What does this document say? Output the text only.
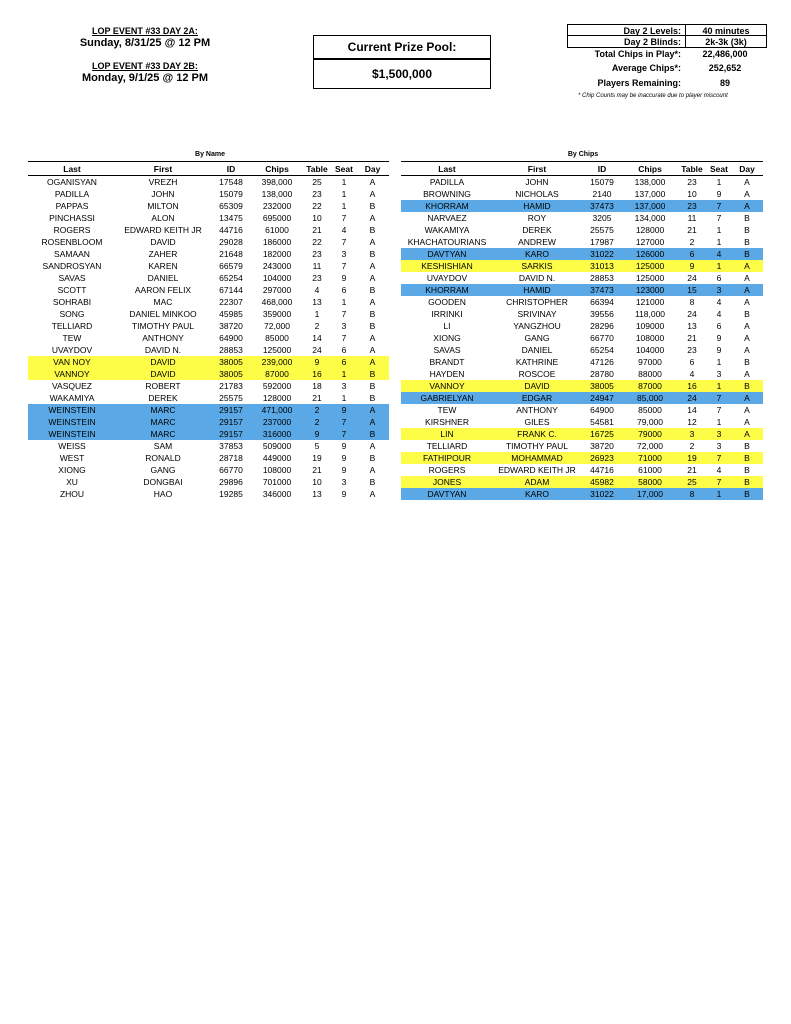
LOP EVENT #33 DAY 2A:
Sunday, 8/31/25 @ 12 PM
LOP EVENT #33 DAY 2B:
Monday, 9/1/25 @ 12 PM
Current Prize Pool:
$1,500,000
Day 2 Levels:	40 minutes
Day 2 Blinds:	2k-3k (3k)
Total Chips in Play*:	22,486,000
Average Chips*:	252,652
Players Remaining:	89
* Chip Counts may be inaccurate due to player miscount
By Name	By Chips
Last	First	ID	Chips	Table	Seat	Day
OGANISYAN	VREZH	17548	398,000	25	1	A
PADILLA	JOHN	15079	138,000	23	1	A
PAPPAS	MILTON	65309	232000	22	1	B
PINCHASSI	ALON	13475	695000	10	7	A
ROGERS	EDWARD KEITH JR	44716	61000	21	4	B
ROSENBLOOM	DAVID	29028	186000	22	7	A
SAMAAN	ZAHER	21648	182000	23	3	B
SANDROSYAN	KAREN	66579	243000	11	7	A
SAVAS	DANIEL	65254	104000	23	9	A
SCOTT	AARON FELIX	67144	297000	4	6	B
SOHRABI	MAC	22307	468,000	13	1	A
SONG	DANIEL MINKOO	45985	359000	1	7	B
TELLIARD	TIMOTHY PAUL	38720	72,000	2	3	B
TEW	ANTHONY	64900	85000	14	7	A
UVAYDOV	DAVID N.	28853	125000	24	6	A
VAN NOY	DAVID	38005	239,000	9	6	A
VANNOY	DAVID	38005	87000	16	1	B
VASQUEZ	ROBERT	21783	592000	18	3	B
WAKAMIYA	DEREK	25575	128000	21	1	B
WEINSTEIN	MARC	29157	471,000	2	9	A
WEINSTEIN	MARC	29157	237000	2	7	A
WEINSTEIN	MARC	29157	316000	9	7	B
WEISS	SAM	37853	509000	5	9	A
WEST	RONALD	28718	449000	19	9	B
XIONG	GANG	66770	108000	21	9	A
XU	DONGBAI	29896	701000	10	3	B
ZHOU	HAO	19285	346000	13	9	A
Last	First	ID	Chips	Table	Seat	Day
PADILLA	JOHN	15079	138,000	23	1	A
BROWNING	NICHOLAS	2140	137,000	10	9	A
KHORRAM	HAMID	37473	137,000	23	7	A
NARVAEZ	ROY	3205	134,000	11	7	B
WAKAMIYA	DEREK	25575	128000	21	1	B
KHACHATOURIANS	ANDREW	17987	127000	2	1	B
DAVTYAN	KARO	31022	126000	6	4	B
KESHISHIAN	SARKIS	31013	125000	9	1	A
UVAYDOV	DAVID N.	28853	125000	24	6	A
KHORRAM	HAMID	37473	123000	15	3	A
GOODEN	CHRISTOPHER	66394	121000	8	4	A
IRRINKI	SRIVINAY	39556	118,000	24	4	B
LI	YANGZHOU	28296	109000	13	6	A
XIONG	GANG	66770	108000	21	9	A
SAVAS	DANIEL	65254	104000	23	9	A
BRANDT	KATHRINE	47126	97000	6	1	B
HAYDEN	ROSCOE	28780	88000	4	3	A
VANNOY	DAVID	38005	87000	16	1	B
GABRIELYAN	EDGAR	24947	85,000	24	7	A
TEW	ANTHONY	64900	85000	14	7	A
KIRSHNER	GILES	54581	79,000	12	1	A
LIN	FRANK C.	16725	79000	3	3	A
TELLIARD	TIMOTHY PAUL	38720	72,000	2	3	B
FATHIPOUR	MOHAMMAD	26923	71000	19	7	B
ROGERS	EDWARD KEITH JR	44716	61000	21	4	B
JONES	ADAM	45982	58000	25	7	B
DAVTYAN	KARO	31022	17,000	8	1	B
